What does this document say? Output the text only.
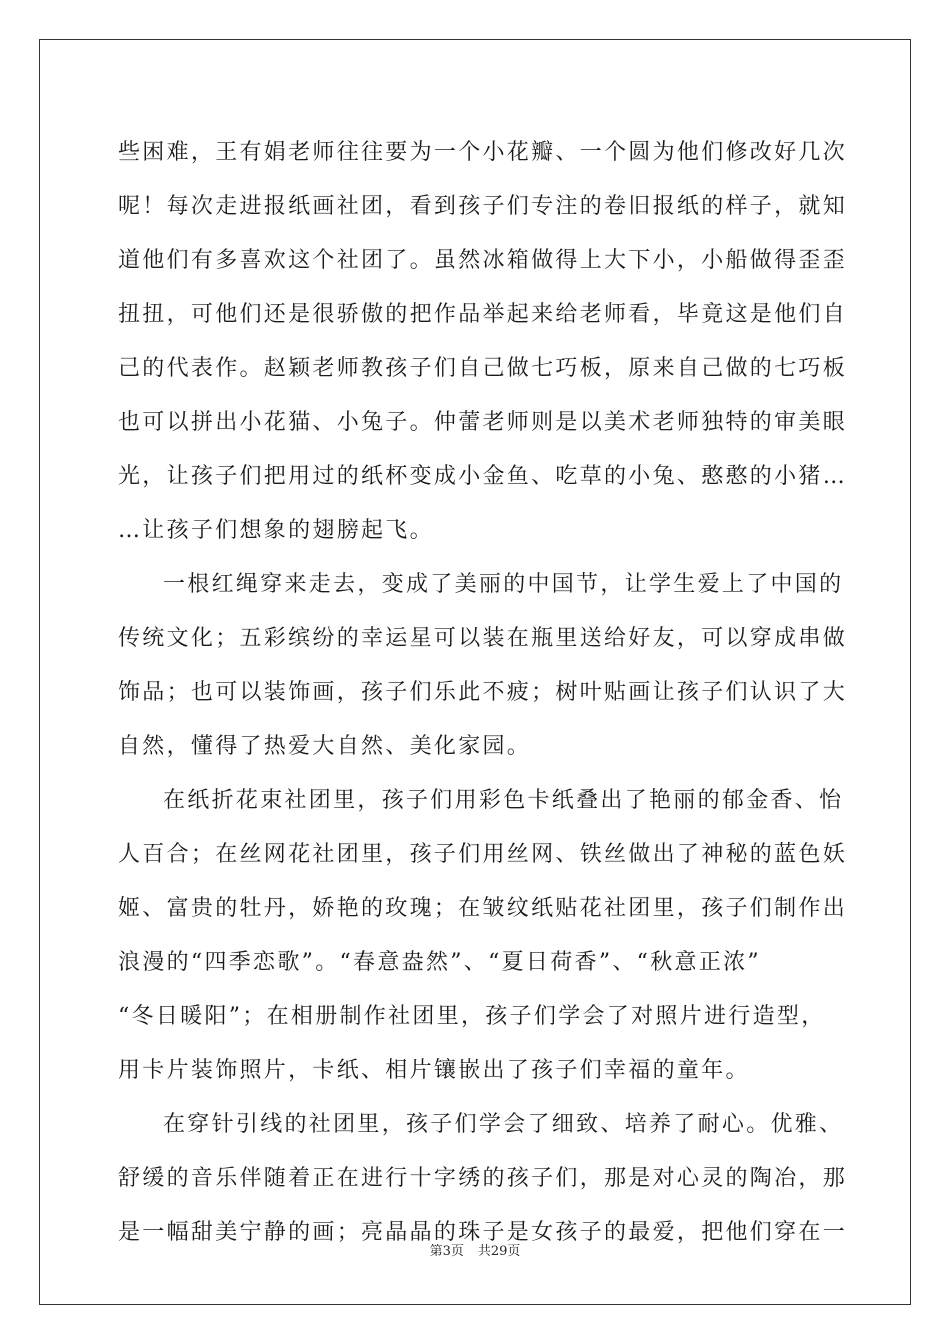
些困难，王有娟老师往往要为一个小花瓣、一个圆为他们修改好几次
呢！每次走进报纸画社团，看到孩子们专注的卷旧报纸的样子，就知
道他们有多喜欢这个社团了。虽然冰箱做得上大下小，小船做得歪歪
扭扭，可他们还是很骄傲的把作品举起来给老师看，毕竟这是他们自
己的代表作。赵颖老师教孩子们自己做七巧板，原来自己做的七巧板
也可以拼出小花猫、小兔子。仲蕾老师则是以美术老师独特的审美眼
光，让孩子们把用过的纸杯变成小金鱼、吃草的小兔、憨憨的小猪…
…让孩子们想象的翅膀起飞。
一根红绳穿来走去，变成了美丽的中国节，让学生爱上了中国的
传统文化；五彩缤纷的幸运星可以装在瓶里送给好友，可以穿成串做
饰品；也可以装饰画，孩子们乐此不疲；树叶贴画让孩子们认识了大
自然，懂得了热爱大自然、美化家园。
在纸折花束社团里，孩子们用彩色卡纸叠出了艳丽的郁金香、怡
人百合；在丝网花社团里，孩子们用丝网、铁丝做出了神秘的蓝色妖
姬、富贵的牡丹，娇艳的玫瑰；在皱纹纸贴花社团里，孩子们制作出
浪漫的“四季恋歌”。“春意盎然”、“夏日荷香”、“秋意正浓”
“冬日暖阳”；在相册制作社团里，孩子们学会了对照片进行造型，
用卡片装饰照片，卡纸、相片镶嵌出了孩子们幸福的童年。
在穿针引线的社团里，孩子们学会了细致、培养了耐心。优雅、
舒缓的音乐伴随着正在进行十字绣的孩子们，那是对心灵的陶冶，那
是一幅甜美宁静的画；亮晶晶的珠子是女孩子的最爱，把他们穿在一
第3页 共29页
